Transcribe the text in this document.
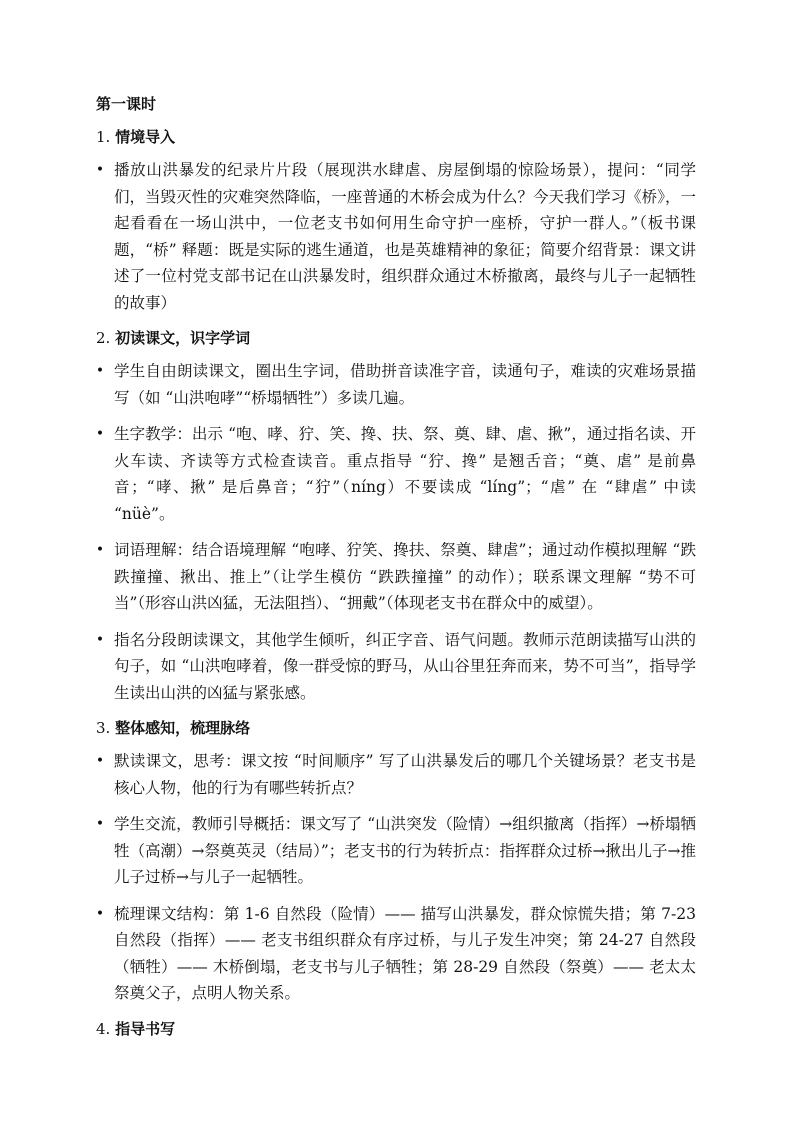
第一课时
1. 情境导入
• 播放山洪暴发的纪录片片段（展现洪水肆虐、房屋倒塌的惊险场景），提问：“同学们，当毁灭性的灾难突然降临，一座普通的木桥会成为什么？今天我们学习《桥》，一起看看在一场山洪中，一位老支书如何用生命守护一座桥，守护一群人。”（板书课题，“桥” 释题：既是实际的逃生通道，也是英雄精神的象征；简要介绍背景：课文讲述了一位村党支部书记在山洪暴发时，组织群众通过木桥撤离，最终与儿子一起牺牲的故事）
2. 初读课文，识字学词
• 学生自由朗读课文，圈出生字词，借助拼音读准字音，读通句子，难读的灾难场景描写（如 “山洪咆哮”“桥塌牺牲”）多读几遍。
• 生字教学：出示 “咆、哮、狞、笑、搀、扶、祭、奠、肆、虐、揪”，通过指名读、开火车读、齐读等方式检查读音。重点指导 “狞、搀” 是翘舌音；“奠、虐” 是前鼻音；“哮、揪” 是后鼻音；“狞”（níng）不要读成 “líng”；“虐” 在 “肆虐” 中读 “nüè”。
• 词语理解：结合语境理解 “咆哮、狞笑、搀扶、祭奠、肆虐”；通过动作模拟理解 “跌跌撞撞、揪出、推上”（让学生模仿 “跌跌撞撞” 的动作）；联系课文理解 “势不可当”（形容山洪凶猛，无法阻挡）、“拥戴”（体现老支书在群众中的威望）。
• 指名分段朗读课文，其他学生倾听，纠正字音、语气问题。教师示范朗读描写山洪的句子，如 “山洪咆哮着，像一群受惊的野马，从山谷里狂奔而来，势不可当”，指导学生读出山洪的凶猛与紧张感。
3. 整体感知，梳理脉络
• 默读课文，思考：课文按 “时间顺序” 写了山洪暴发后的哪几个关键场景？老支书是核心人物，他的行为有哪些转折点？
• 学生交流，教师引导概括：课文写了 “山洪突发（险情）→组织撤离（指挥）→桥塌牺牲（高潮）→祭奠英灵（结局）”；老支书的行为转折点：指挥群众过桥→揪出儿子→推儿子过桥→与儿子一起牺牲。
• 梳理课文结构：第 1-6 自然段（险情）—— 描写山洪暴发，群众惊慌失措；第 7-23 自然段（指挥）—— 老支书组织群众有序过桥，与儿子发生冲突；第 24-27 自然段（牺牲）—— 木桥倒塌，老支书与儿子牺牲；第 28-29 自然段（祭奠）—— 老太太祭奠父子，点明人物关系。
4. 指导书写
